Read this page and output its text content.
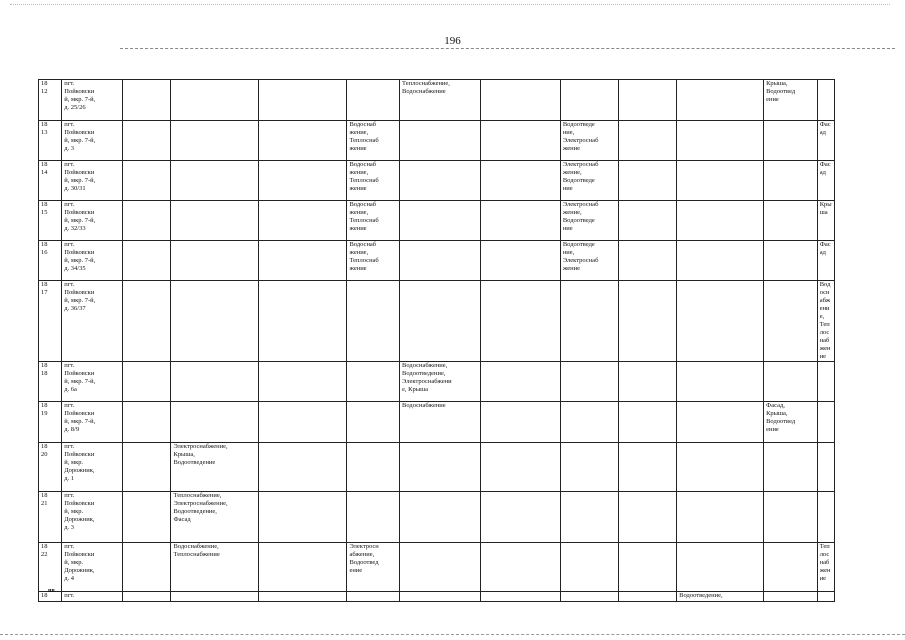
196
18
12	пгт.
Пойковски
й, мкр. 7-й,
д. 25/26					Теплоснабжение,
Водоснабжение					Крыша,
Водоотвед
ение	

18
13	пгт.
Пойковски
й, мкр. 7-й,
д. 3				Водоснаб
жение,
Теплоснаб
жение			Водоотведе
ние,
Электроснаб
жение				Фасад

18
14	пгт.
Пойковски
й, мкр. 7-й,
д. 30/31				Водоснаб
жение,
Теплоснаб
жение			Электроснаб
жение,
Водоотведе
ние				Фасад

18
15	пгт.
Пойковски
й, мкр. 7-й,
д. 32/33				Водоснаб
жение,
Теплоснаб
жение			Электроснаб
жение,
Водоотведе
ние				Крыша

18
16	пгт.
Пойковски
й, мкр. 7-й,
д. 34/35				Водоснаб
жение,
Теплоснаб
жение			Водоотведе
ние,
Электроснаб
жение				Фасад

18
17	пгт.
Пойковски
й, мкр. 7-й,
д. 36/37											Водоснабжение,
Теплоснабжение

18
18	пгт.
Пойковски
й, мкр. 7-й,
д. 6а					Водоснабжение,
Водоотведение,
Электроснабжени
е, Крыша						

18
19	пгт.
Пойковски
й, мкр. 7-й,
д. 8/9					Водоснабжение					Фасад,
Крыша,
Водоотвед
ение	

18
20	пгт.
Пойковски
й, мкр.
Дорожник,
д. 1		Электроснабжение,
Крыша,
Водоотведение									

18
21	пгт.
Пойковски
й, мкр.
Дорожник,
д. 3		Теплоснабжение,
Электроснабжение,
Водоотведение,
Фасад									

18
22	пгт.
Пойковски
й, мкр.
Дорожник,
д. 4		Водоснабжение,
Теплоснабжение		Электросн
абжение,
Водоотвед
ение							Теплоснабжение

18	пгт.									Водоотведение,		
нв
